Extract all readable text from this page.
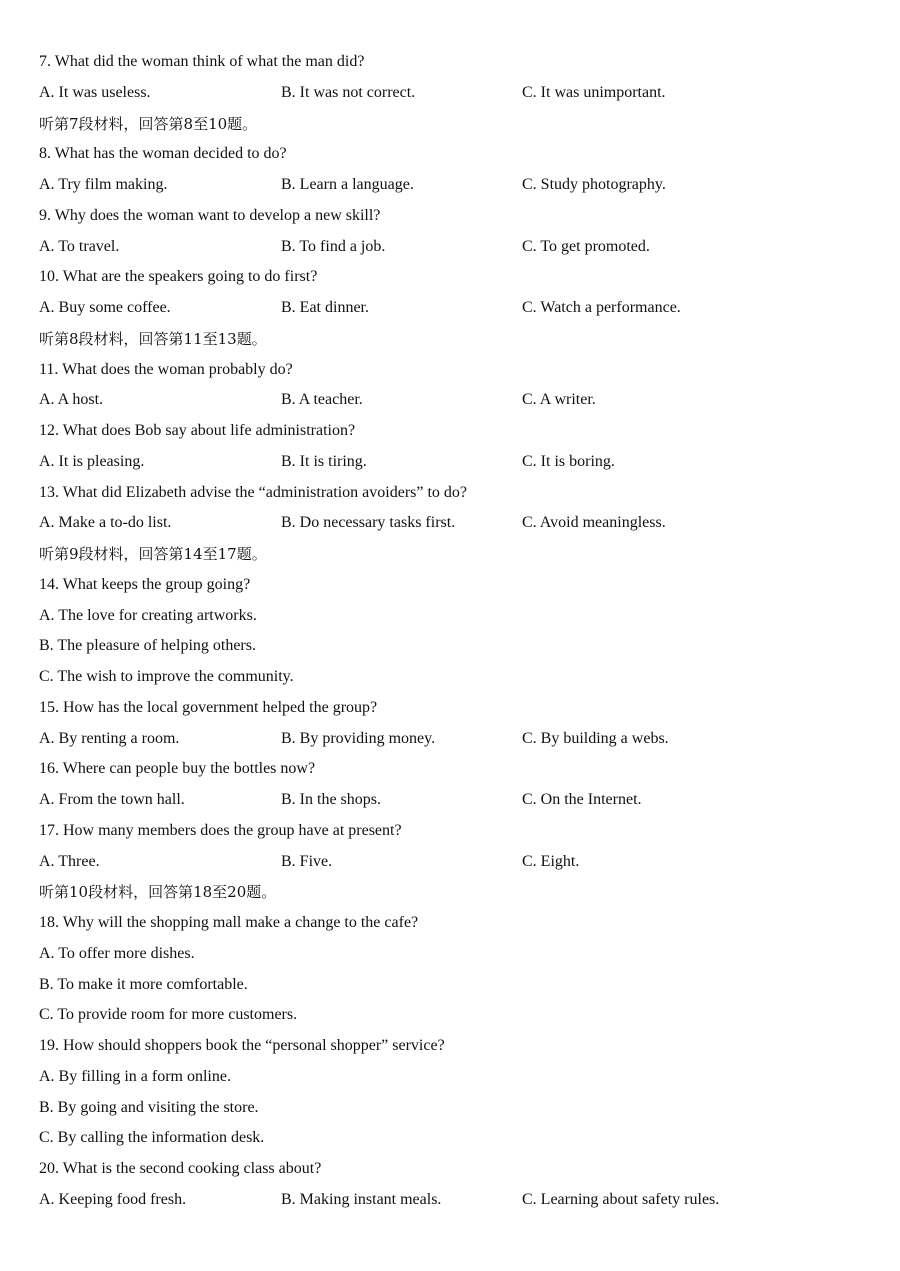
7. What did the woman think of what the man did?
A. It was useless.	B. It was not correct.	C. It was unimportant.
听第7段材料，回答第8至10题。
8. What has the woman decided to do?
A. Try film making.	B. Learn a language.	C. Study photography.
9. Why does the woman want to develop a new skill?
A. To travel.	B. To find a job.	C. To get promoted.
10. What are the speakers going to do first?
A. Buy some coffee.	B. Eat dinner.	C. Watch a performance.
听第8段材料，回答第11至13题。
11. What does the woman probably do?
A. A host.	B. A teacher.	C. A writer.
12. What does Bob say about life administration?
A. It is pleasing.	B. It is tiring.	C. It is boring.
13. What did Elizabeth advise the “administration avoiders” to do?
A. Make a to-do list.	B. Do necessary tasks first.	C. Avoid meaningless.
听第9段材料，回答第14至17题。
14. What keeps the group going?
A. The love for creating artworks.
B. The pleasure of helping others.
C. The wish to improve the community.
15. How has the local government helped the group?
A. By renting a room.	B. By providing money.	C. By building a webs.
16. Where can people buy the bottles now?
A. From the town hall.	B. In the shops.	C. On the Internet.
17. How many members does the group have at present?
A. Three.	B. Five.	C. Eight.
听第10段材料，回答第18至20题。
18. Why will the shopping mall make a change to the cafe?
A. To offer more dishes.
B. To make it more comfortable.
C. To provide room for more customers.
19. How should shoppers book the “personal shopper” service?
A. By filling in a form online.
B. By going and visiting the store.
C. By calling the information desk.
20. What is the second cooking class about?
A. Keeping food fresh.	B. Making instant meals.	C. Learning about safety rules.
